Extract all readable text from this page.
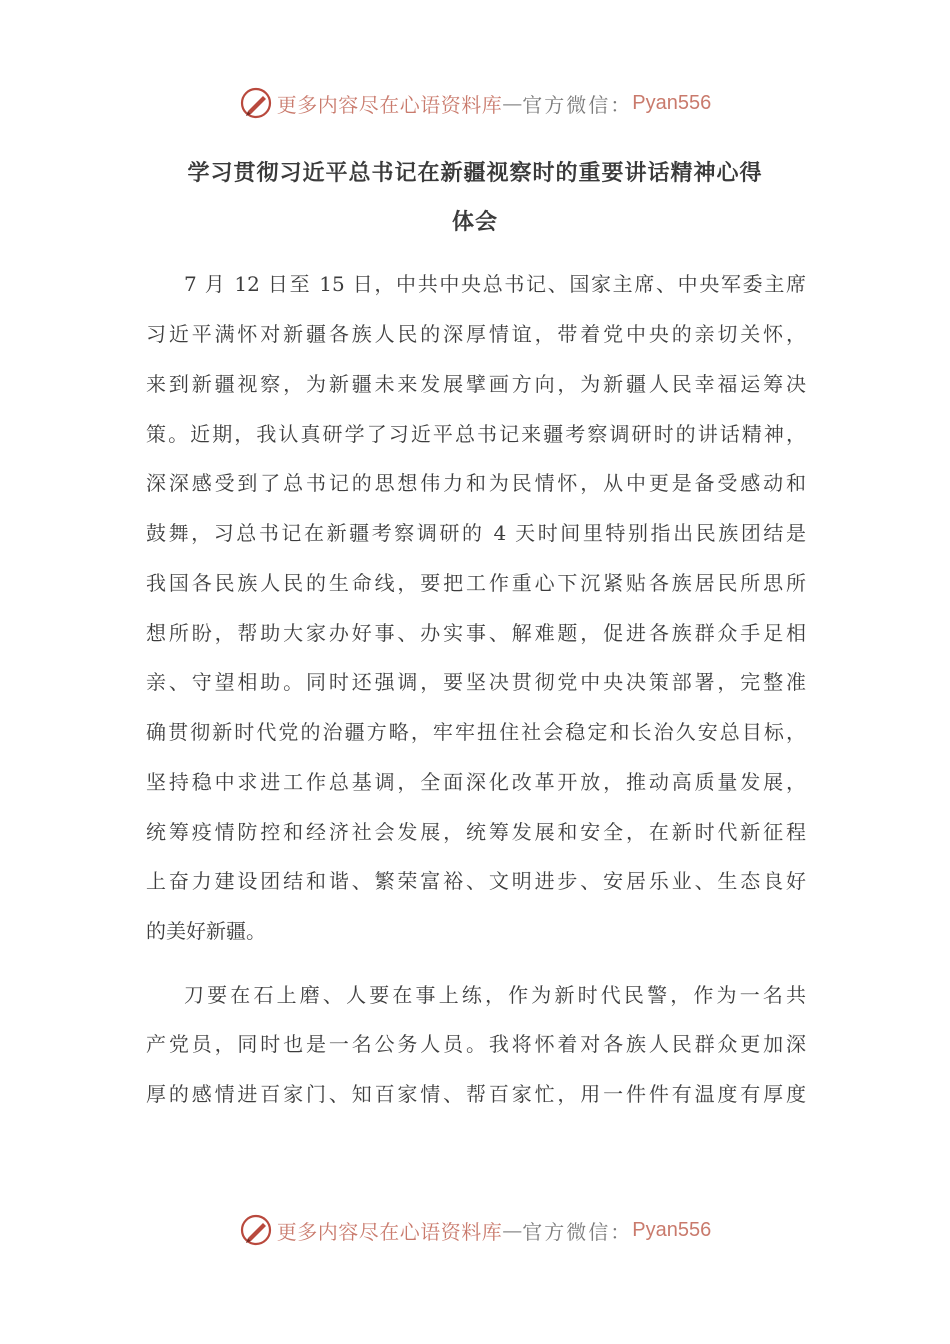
更多内容尽在心语资料库 — 官方微信： Pyan556
学习贯彻习近平总书记在新疆视察时的重要讲话精神心得
体会
7 月 12 日至 15 日，中共中央总书记、国家主席、中央军委主席
习近平满怀对新疆各族人民的深厚情谊，带着党中央的亲切关怀，
来到新疆视察，为新疆未来发展擘画方向，为新疆人民幸福运筹决
策。近期，我认真研学了习近平总书记来疆考察调研时的讲话精神，
深深感受到了总书记的思想伟力和为民情怀，从中更是备受感动和
鼓舞，习总书记在新疆考察调研的 4 天时间里特别指出民族团结是
我国各民族人民的生命线，要把工作重心下沉紧贴各族居民所思所
想所盼，帮助大家办好事、办实事、解难题，促进各族群众手足相
亲、守望相助。同时还强调，要坚决贯彻党中央决策部署，完整准
确贯彻新时代党的治疆方略，牢牢扭住社会稳定和长治久安总目标，
坚持稳中求进工作总基调，全面深化改革开放，推动高质量发展，
统筹疫情防控和经济社会发展，统筹发展和安全，在新时代新征程
上奋力建设团结和谐、繁荣富裕、文明进步、安居乐业、生态良好
的美好新疆。
刀要在石上磨、人要在事上练，作为新时代民警，作为一名共
产党员，同时也是一名公务人员。我将怀着对各族人民群众更加深
厚的感情进百家门、知百家情、帮百家忙，用一件件有温度有厚度
更多内容尽在心语资料库 — 官方微信： Pyan556
